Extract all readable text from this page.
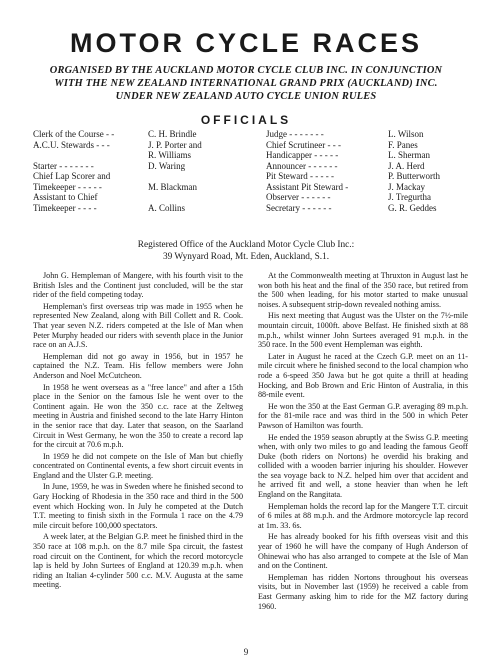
MOTOR CYCLE RACES
ORGANISED BY THE AUCKLAND MOTOR CYCLE CLUB INC. IN CONJUNCTION
WITH THE NEW ZEALAND INTERNATIONAL GRAND PRIX (AUCKLAND) INC.
UNDER NEW ZEALAND AUTO CYCLE UNION RULES
OFFICIALS
Clerk of the Course - -	C. H. Brindle
A.C.U. Stewards - - -	J. P. Porter and
R. Williams
Starter - - - - - - -	D. Waring
Chief Lap Scorer and
Timekeeper - - - - -	M. Blackman
Assistant to Chief
Timekeeper - - - -	A. Collins
Judge - - - - - - -	L. Wilson
Chief Scrutineer - - -	F. Panes
Handicapper - - - - -	L. Sherman
Announcer - - - - - -	J. A. Herd
Pit Steward - - - - -	P. Butterworth
Assistant Pit Steward -	J. Mackay
Observer - - - - - -	J. Tregurtha
Secretary - - - - - -	G. R. Geddes
Registered Office of the Auckland Motor Cycle Club Inc.:
39 Wynyard Road, Mt. Eden, Auckland, S.1.

John G. Hempleman of Mangere, with his fourth visit to the British Isles and the Continent just concluded, will be the star rider of the field competing today.

Hempleman's first overseas trip was made in 1955 when he represented New Zealand, along with Bill Collett and R. Cook. That year seven N.Z. riders competed at the Isle of Man when Peter Murphy headed our riders with seventh place in the Junior race on an A.J.S.

Hempleman did not go away in 1956, but in 1957 he captained the N.Z. Team. His fellow members were John Anderson and Noel McCutcheon.

In 1958 he went overseas as a "free lance" and after a 15th place in the Senior on the famous Isle he went over to the Continent again. He won the 350 c.c. race at the Zeltweg meeting in Austria and finished second to the late Harry Hinton in the senior race that day. Later that season, on the Saarland Circuit in West Germany, he won the 350 to create a record lap for the circuit at 70.6 m.p.h.

In 1959 he did not compete on the Isle of Man but chiefly concentrated on Continental events, a few short circuit events in England and the Ulster G.P. meeting.

In June, 1959, he was in Sweden where he finished second to Gary Hocking of Rhodesia in the 350 race and third in the 500 event which Hocking won. In July he competed at the Dutch T.T. meeting to finish sixth in the Formula 1 race on the 4.79 mile circuit before 100,000 spectators.

A week later, at the Belgian G.P. meet he finished third in the 350 race at 108 m.p.h. on the 8.7 mile Spa circuit, the fastest road circuit on the Continent, for which the record motorcycle lap is held by John Surtees of England at 120.39 m.p.h. when riding an Italian 4-cylinder 500 c.c. M.V. Augusta at the same meeting.

At the Commonwealth meeting at Thruxton in August last he won both his heat and the final of the 350 race, but retired from the 500 when leading, for his motor started to make unusual noises. A subsequent strip-down revealed nothing amiss.

His next meeting that August was the Ulster on the 7½-mile mountain circuit, 1000ft. above Belfast. He finished sixth at 88 m.p.h., whilst winner John Surtees averaged 91 m.p.h. in the 350 race. In the 500 event Hempleman was eighth.

Later in August he raced at the Czech G.P. meet on an 11-mile circuit where he finished second to the local champion who rode a 6-speed 350 Jawa but he got quite a thrill at heading Hocking, and Bob Brown and Eric Hinton of Australia, in this 88-mile event.

He won the 350 at the East German G.P. averaging 89 m.p.h. for the 81-mile race and was third in the 500 in which Peter Pawson of Hamilton was fourth.

He ended the 1959 season abruptly at the Swiss G.P. meeting when, with only two miles to go and leading the famous Geoff Duke (both riders on Nortons) he overdid his braking and collided with a wooden barrier injuring his shoulder. However the sea voyage back to N.Z. helped him over that accident and he arrived fit and well, a stone heavier than when he left England on the Rangitata.

Hempleman holds the record lap for the Mangere T.T. circuit of 6 miles at 88 m.p.h. and the Ardmore motorcycle lap record at 1m. 33. 6s.

He has already booked for his fifth overseas visit and this year of 1960 he will have the company of Hugh Anderson of Ohinewai who has also arranged to compete at the Isle of Man and on the Continent.

Hempleman has ridden Nortons throughout his overseas visits, but in November last (1959) he received a cable from East Germany asking him to ride for the MZ factory during 1960.

9
